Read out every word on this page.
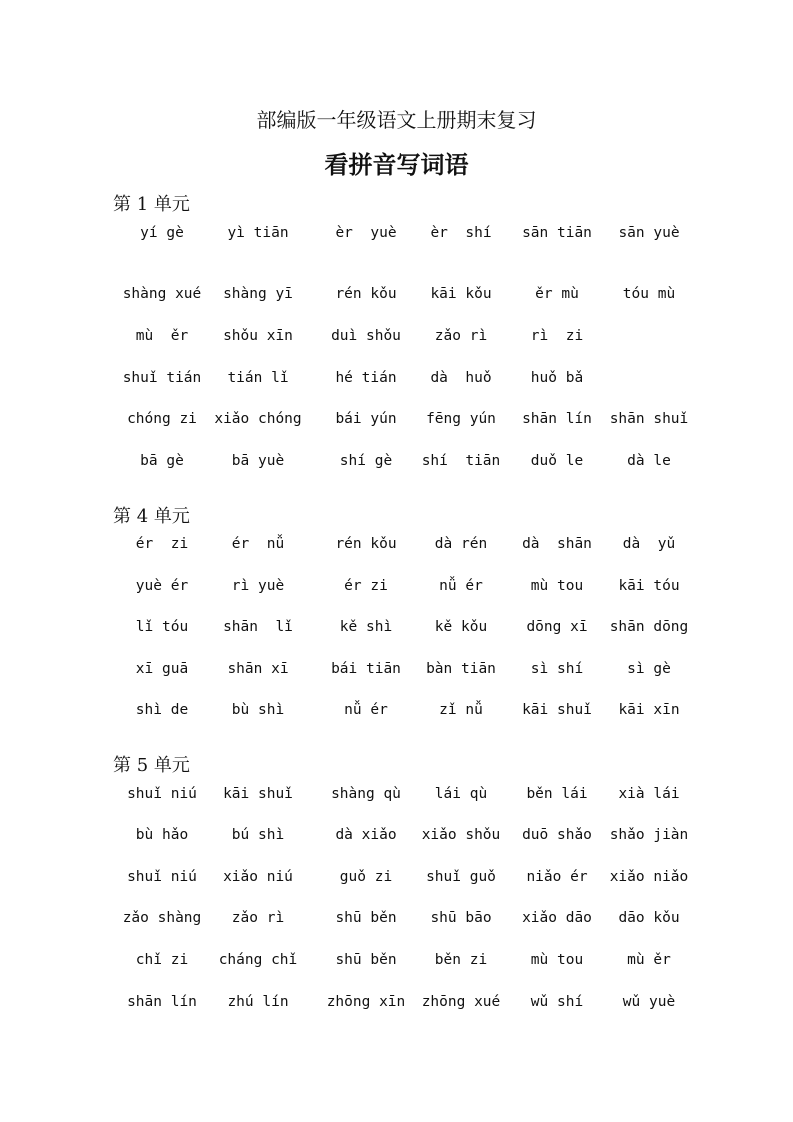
部编版一年级语文上册期末复习
看拼音写词语
第 1 单元
yí gè	yì tiān	èr  yuè	èr  shí	sān tiān	sān yuè
shàng xué	shàng yī	rén kǒu	kāi kǒu	ěr mù	tóu mù
mù  ěr	shǒu xīn	duì shǒu	zǎo rì	rì  zi
shuǐ tián	tián lǐ	hé tián	dà  huǒ	huǒ bǎ
chóng zi	xiǎo chóng	bái yún	fēng yún	shān lín	shān shuǐ
bā gè	bā yuè	shí gè	shí  tiān	duǒ le	dà le
第 4 单元
ér  zi	ér  nǚ	rén kǒu	dà rén	dà  shān	dà  yǔ
yuè ér	rì yuè	ér zi	nǚ ér	mù tou	kāi tóu
lǐ tóu	shān  lǐ	kě shì	kě kǒu	dōng xī	shān dōng
xī guā	shān xī	bái tiān	bàn tiān	sì shí	sì gè
shì de	bù shì	nǚ ér	zǐ nǚ	kāi shuǐ	kāi xīn
第 5 单元
shuǐ niú	kāi shuǐ	shàng qù	lái qù	běn lái	xià lái
bù hǎo	bú shì	dà xiǎo	xiǎo shǒu	duō shǎo	shǎo jiàn
shuǐ niú	xiǎo niú	guǒ zi	shuǐ guǒ	niǎo ér	xiǎo niǎo
zǎo shàng	zǎo rì	shū běn	shū bāo	xiǎo dāo	dāo kǒu
chǐ zi	cháng chǐ	shū běn	běn zi	mù tou	mù ěr
shān lín	zhú lín	zhōng xīn	zhōng xué	wǔ shí	wǔ yuè
